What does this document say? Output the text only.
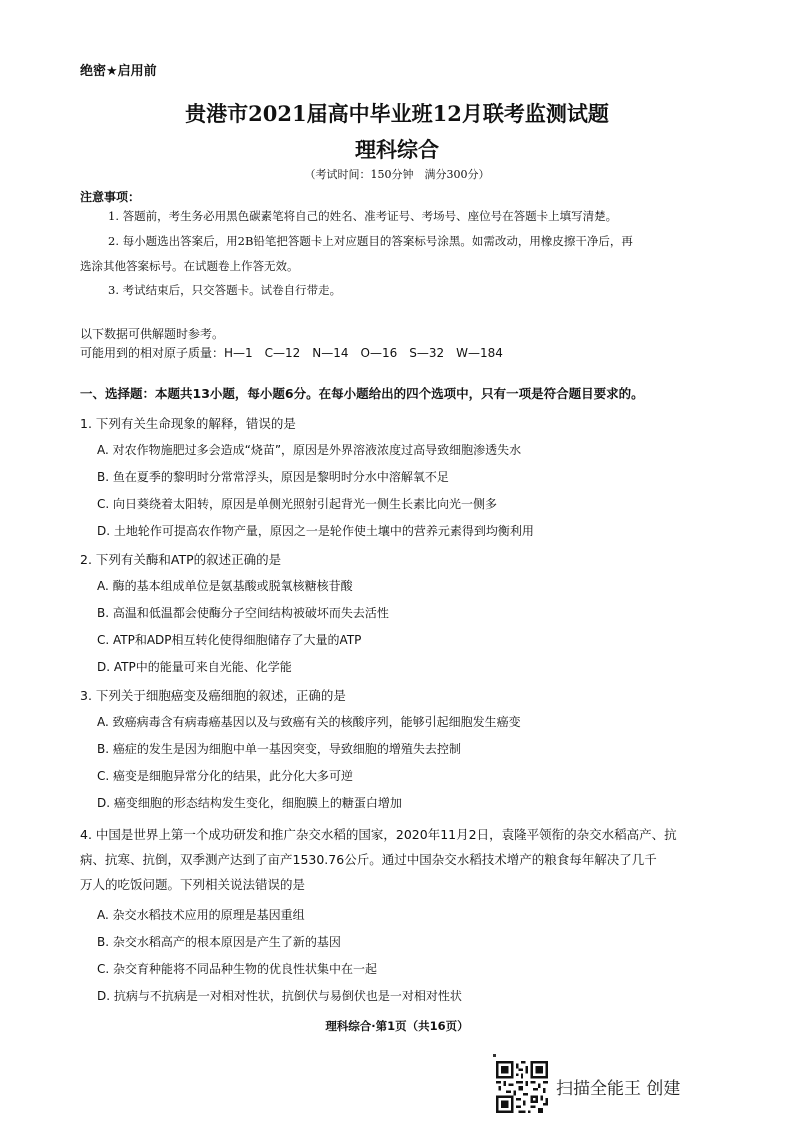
绝密★启用前
贵港市2021届高中毕业班12月联考监测试题
理科综合
（考试时间：150分钟　满分300分）
注意事项：
1. 答题前，考生务必用黑色碳素笔将自己的姓名、准考证号、考场号、座位号在答题卡上填写清楚。
2. 每小题选出答案后，用2B铅笔把答题卡上对应题目的答案标号涂黑。如需改动，用橡皮擦干净后，再
选涂其他答案标号。在试题卷上作答无效。
3. 考试结束后，只交答题卡。试卷自行带走。
以下数据可供解题时参考。
可能用到的相对原子质量：H—1　C—12　N—14　O—16　S—32　W—184
一、选择题：本题共13小题，每小题6分。在每小题给出的四个选项中，只有一项是符合题目要求的。
1. 下列有关生命现象的解释，错误的是
A. 对农作物施肥过多会造成“烧苗”，原因是外界溶液浓度过高导致细胞渗透失水
B. 鱼在夏季的黎明时分常常浮头，原因是黎明时分水中溶解氧不足
C. 向日葵绕着太阳转，原因是单侧光照射引起背光一侧生长素比向光一侧多
D. 土地轮作可提高农作物产量，原因之一是轮作使土壤中的营养元素得到均衡利用
2. 下列有关酶和ATP的叙述正确的是
A. 酶的基本组成单位是氨基酸或脱氧核糖核苷酸
B. 高温和低温都会使酶分子空间结构被破坏而失去活性
C. ATP和ADP相互转化使得细胞储存了大量的ATP
D. ATP中的能量可来自光能、化学能
3. 下列关于细胞癌变及癌细胞的叙述，正确的是
A. 致癌病毒含有病毒癌基因以及与致癌有关的核酸序列，能够引起细胞发生癌变
B. 癌症的发生是因为细胞中单一基因突变，导致细胞的增殖失去控制
C. 癌变是细胞异常分化的结果，此分化大多可逆
D. 癌变细胞的形态结构发生变化，细胞膜上的糖蛋白增加
4. 中国是世界上第一个成功研发和推广杂交水稻的国家，2020年11月2日，袁隆平领衔的杂交水稻高产、抗
病、抗寒、抗倒，双季测产达到了亩产1530.76公斤。通过中国杂交水稻技术增产的粮食每年解决了几千
万人的吃饭问题。下列相关说法错误的是
A. 杂交水稻技术应用的原理是基因重组
B. 杂交水稻高产的根本原因是产生了新的基因
C. 杂交育种能将不同品种生物的优良性状集中在一起
D. 抗病与不抗病是一对相对性状，抗倒伏与易倒伏也是一对相对性状
理科综合·第1页（共16页）
扫描全能王 创建
